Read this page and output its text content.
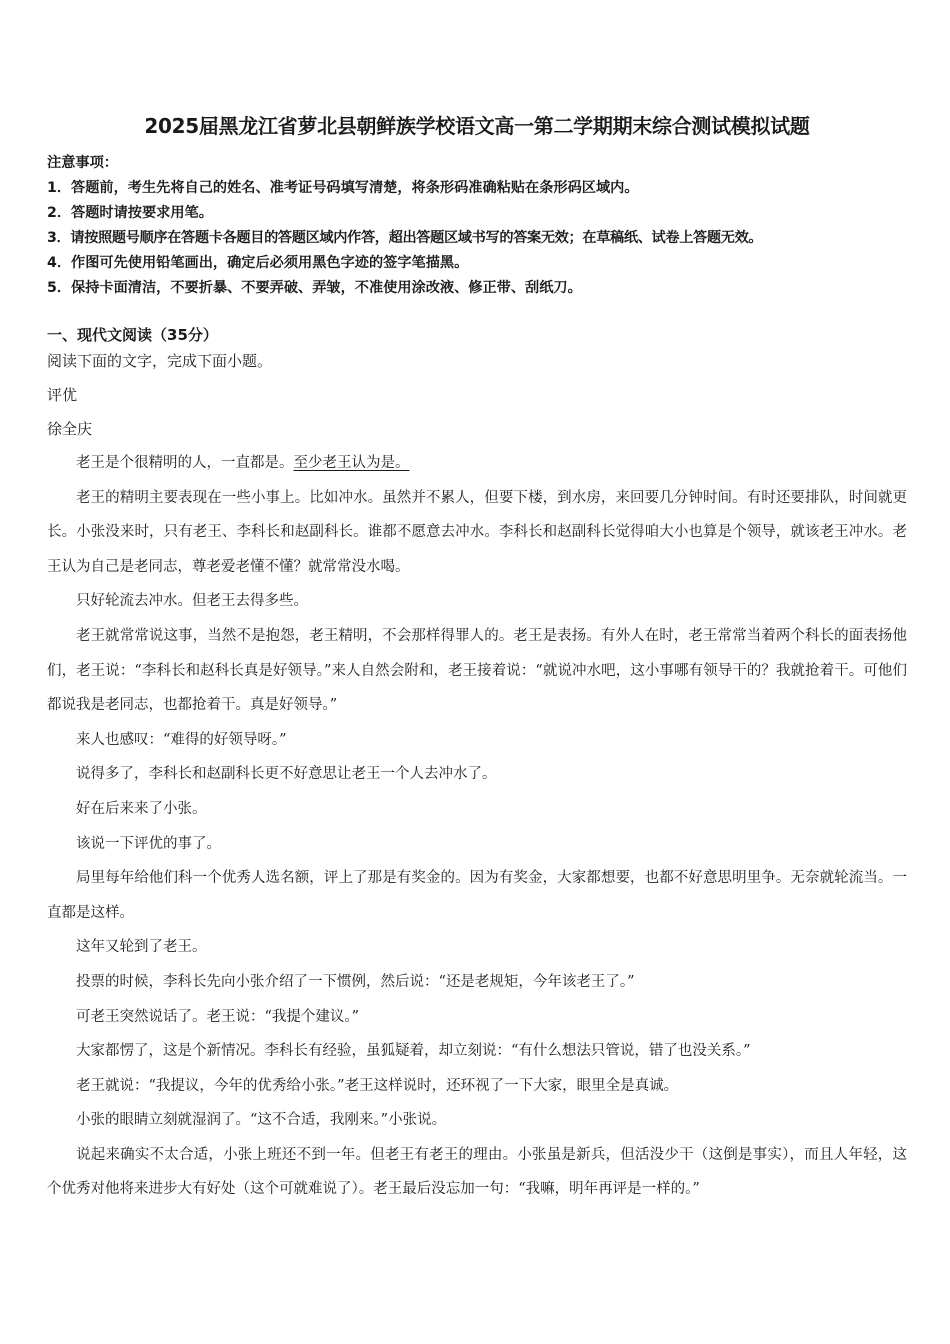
2025届黑龙江省萝北县朝鲜族学校语文高一第二学期期末综合测试模拟试题
注意事项：
1．答题前，考生先将自己的姓名、准考证号码填写清楚，将条形码准确粘贴在条形码区域内。
2．答题时请按要求用笔。
3．请按照题号顺序在答题卡各题目的答题区域内作答，超出答题区域书写的答案无效；在草稿纸、试卷上答题无效。
4．作图可先使用铅笔画出，确定后必须用黑色字迹的签字笔描黑。
5．保持卡面清洁，不要折暴、不要弄破、弄皱，不准使用涂改液、修正带、刮纸刀。
一、现代文阅读（35分）
阅读下面的文字，完成下面小题。
评优
徐全庆

老王是个很精明的人，一直都是。至少老王认为是。

老王的精明主要表现在一些小事上。比如冲水。虽然并不累人，但要下楼，到水房，来回要几分钟时间。有时还要排队，时间就更长。小张没来时，只有老王、李科长和赵副科长。谁都不愿意去冲水。李科长和赵副科长觉得咱大小也算是个领导，就该老王冲水。老王认为自己是老同志，尊老爱老懂不懂？就常常没水喝。

只好轮流去冲水。但老王去得多些。

老王就常常说这事，当然不是抱怨，老王精明，不会那样得罪人的。老王是表扬。有外人在时，老王常常当着两个科长的面表扬他们，老王说：“李科长和赵科长真是好领导。”来人自然会附和，老王接着说：“就说冲水吧，这小事哪有领导干的？我就抢着干。可他们都说我是老同志，也都抢着干。真是好领导。”

来人也感叹：“难得的好领导呀。”

说得多了，李科长和赵副科长更不好意思让老王一个人去冲水了。

好在后来来了小张。

该说一下评优的事了。

局里每年给他们科一个优秀人选名额，评上了那是有奖金的。因为有奖金，大家都想要，也都不好意思明里争。无奈就轮流当。一直都是这样。

这年又轮到了老王。

投票的时候，李科长先向小张介绍了一下惯例，然后说：“还是老规矩，今年该老王了。”

可老王突然说话了。老王说：“我提个建议。”

大家都愣了，这是个新情况。李科长有经验，虽狐疑着，却立刻说：“有什么想法只管说，错了也没关系。”

老王就说：“我提议，今年的优秀给小张。”老王这样说时，还环视了一下大家，眼里全是真诚。

小张的眼睛立刻就湿润了。“这不合适，我刚来。”小张说。

说起来确实不太合适，小张上班还不到一年。但老王有老王的理由。小张虽是新兵，但活没少干（这倒是事实），而且人年轻，这个优秀对他将来进步大有好处（这个可就难说了）。老王最后没忘加一句：“我嘛，明年再评是一样的。”
